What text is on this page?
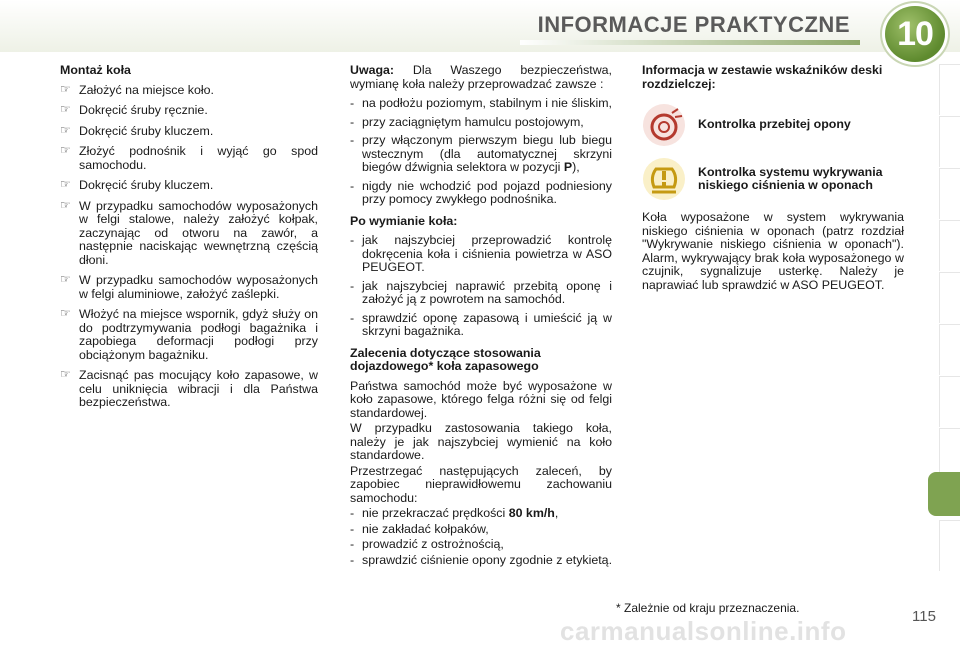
INFORMACJE PRAKTYCZNE	10
Montaż koła
☞ Założyć na miejsce koło.
☞ Dokręcić śruby ręcznie.
☞ Dokręcić śruby kluczem.
☞ Złożyć podnośnik i wyjąć go spod samochodu.
☞ Dokręcić śruby kluczem.
☞ W przypadku samochodów wyposażonych w felgi stalowe, należy założyć kołpak, zaczynając od otworu na zawór, a następnie naciskając wewnętrzną częścią dłoni.
☞ W przypadku samochodów wyposażonych w felgi aluminiowe, założyć zaślepki.
☞ Włożyć na miejsce wspornik, gdyż służy on do podtrzymywania podłogi bagażnika i zapobiega deformacji podłogi przy obciążonym bagażniku.
☞ Zacisnąć pas mocujący koło zapasowe, w celu uniknięcia wibracji i dla Państwa bezpieczeństwa.
Uwaga: Dla Waszego bezpieczeństwa, wymianę koła należy przeprowadzać zawsze :
- na podłożu poziomym, stabilnym i nie śliskim,
- przy zaciągniętym hamulcu postojowym,
- przy włączonym pierwszym biegu lub biegu wstecznym (dla automatycznej skrzyni biegów dźwignia selektora w pozycji P),
- nigdy nie wchodzić pod pojazd podniesiony przy pomocy zwykłego podnośnika.
Po wymianie koła:
- jak najszybciej przeprowadzić kontrolę dokręcenia koła i ciśnienia powietrza w ASO PEUGEOT.
- jak najszybciej naprawić przebitą oponę i założyć ją z powrotem na samochód.
- sprawdzić oponę zapasową i umieścić ją w skrzyni bagażnika.
Zalecenia dotyczące stosowania dojazdowego* koła zapasowego
Państwa samochód może być wyposażone w koło zapasowe, którego felga różni się od felgi standardowej.
W przypadku zastosowania takiego koła, należy je jak najszybciej wymienić na koło standardowe.
Przestrzegać następujących zaleceń, by zapobiec nieprawidłowemu zachowaniu samochodu:
- nie przekraczać prędkości 80 km/h,
- nie zakładać kołpaków,
- prowadzić z ostrożnością,
- sprawdzić ciśnienie opony zgodnie z etykietą.
Informacja w zestawie wskaźników deski rozdzielczej:
Kontrolka przebitej opony
Kontrolka systemu wykrywania niskiego ciśnienia w oponach
Koła wyposażone w system wykrywania niskiego ciśnienia w oponach (patrz rozdział "Wykrywanie niskiego ciśnienia w oponach"). Alarm, wykrywający brak koła wyposażonego w czujnik, sygnalizuje usterkę. Należy je naprawiać lub sprawdzić w ASO PEUGEOT.
* Zależnie od kraju przeznaczenia.	115
carmanualsonline.info
